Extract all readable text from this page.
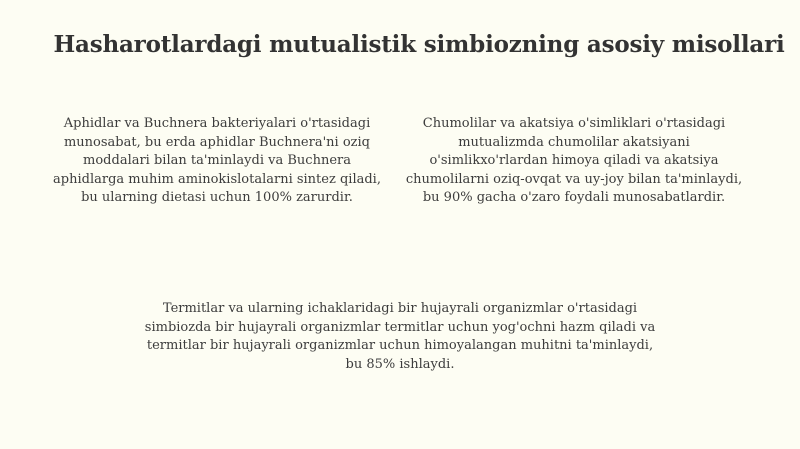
Hasharotlardagi mutualistik simbiozning asosiy misollari

Aphidlar va Buchnera bakteriyalari o'rtasidagi munosabat, bu erda aphidlar Buchnera'ni oziq moddalari bilan ta'minlaydi va Buchnera aphidlarga muhim aminokislotalarni sintez qiladi, bu ularning dietasi uchun 100% zarurdir.

Chumolilar va akatsiya o'simliklari o'rtasidagi mutualizmda chumolilar akatsiyani o'simlikxo'rlardan himoya qiladi va akatsiya chumolilarni oziq-ovqat va uy-joy bilan ta'minlaydi, bu 90% gacha o'zaro foydali munosabatlardir.

Termitlar va ularning ichaklaridagi bir hujayrali organizmlar o'rtasidagi simbiozda bir hujayrali organizmlar termitlar uchun yog'ochni hazm qiladi va termitlar bir hujayrali organizmlar uchun himoyalangan muhitni ta'minlaydi, bu 85% ishlaydi.
